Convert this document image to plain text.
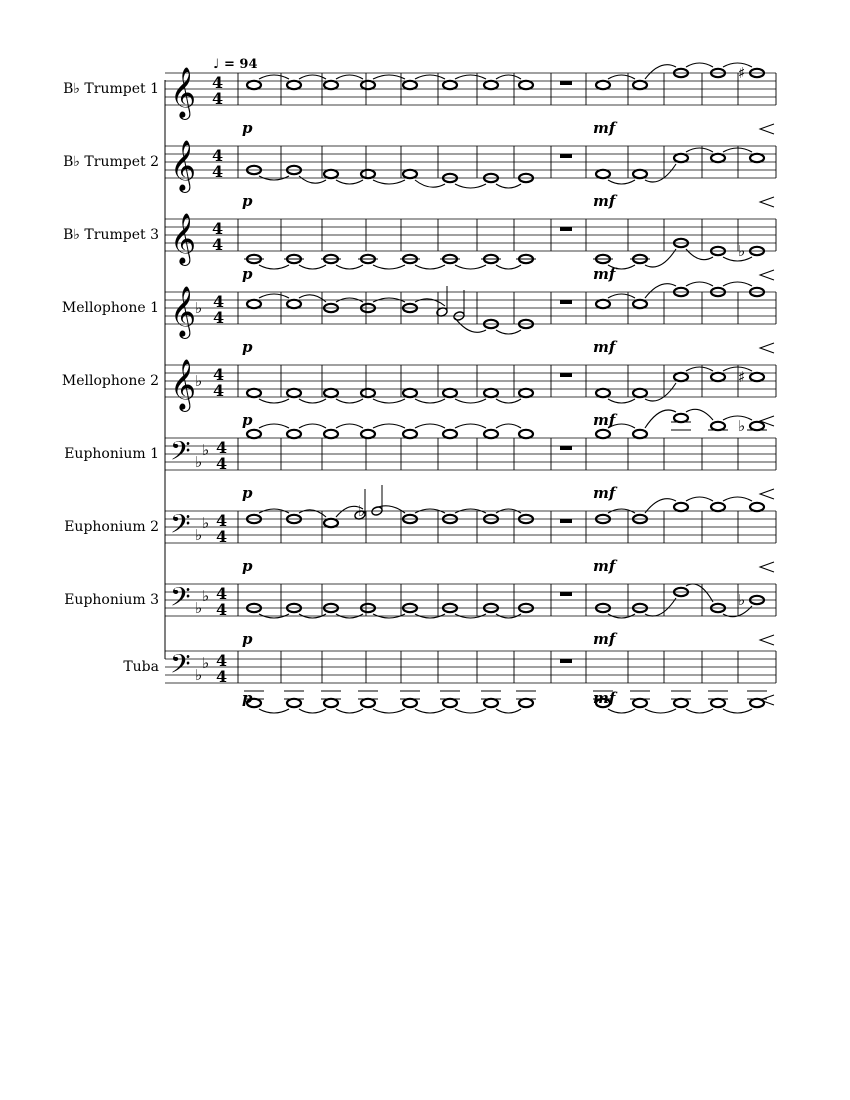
♩ = 94
B♭ Trumpet 1 𝄞 4
4
♯
p	mf
B♭ Trumpet 2 𝄞 4
4
p	mf
B♭ Trumpet 3 𝄞 4
4	♭
p	mf
Mellophone 1 𝄞
♭ 4
4
p	mf
Mellophone 2 𝄞
♭ 4
4
♯
p	mf
Euphonium 1 𝄢 ♭
♭ 4
4
♭
p	mf
Euphonium 2 𝄢 ♭
♭ 4
4
♭
p	mf
Euphonium 3 𝄢 ♭
♭ 4
4	♭
p	mf
Tuba 𝄢 ♭
♭ 4
4
p	mf
